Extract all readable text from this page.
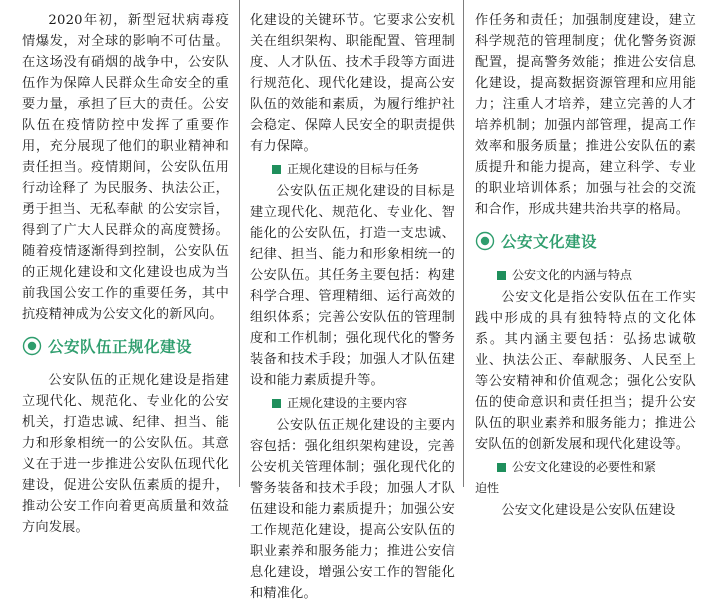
2020年初，新型冠状病毒疫情爆发，对全球的影响不可估量。在这场没有硝烟的战争中，公安队伍作为保障人民群众生命安全的重要力量，承担了巨大的责任。公安队伍在疫情防控中发挥了重要作用，充分展现了他们的职业精神和责任担当。疫情期间，公安队伍用行动诠释了 为民服务、执法公正，勇于担当、无私奉献 的公安宗旨，得到了广大人民群众的高度赞扬。随着疫情逐渐得到控制，公安队伍的正规化建设和文化建设也成为当前我国公安工作的重要任务，其中抗疫精神成为公安文化的新风向。

公安队伍正规化建设

公安队伍的正规化建设是指建立现代化、规范化、专业化的公安机关，打造忠诚、纪律、担当、能力和形象相统一的公安队伍。其意义在于进一步推进公安队伍现代化建设，促进公安队伍素质的提升，推动公安工作向着更高质量和效益方向发展。

化建设的关键环节。它要求公安机关在组织架构、职能配置、管理制度、人才队伍、技术手段等方面进行规范化、现代化建设，提高公安队伍的效能和素质，为履行维护社会稳定、保障人民安全的职责提供有力保障。

正规化建设的目标与任务

公安队伍正规化建设的目标是建立现代化、规范化、专业化、智能化的公安队伍，打造一支忠诚、纪律、担当、能力和形象相统一的公安队伍。其任务主要包括：构建科学合理、管理精细、运行高效的组织体系；完善公安队伍的管理制度和工作机制；强化现代化的警务装备和技术手段；加强人才队伍建设和能力素质提升等。

正规化建设的主要内容

公安队伍正规化建设的主要内容包括：强化组织架构建设，完善公安机关管理体制；强化现代化的警务装备和技术手段；加强人才队伍建设和能力素质提升；加强公安工作规范化建设，提高公安队伍的职业素养和服务能力；推进公安信息化建设，增强公安工作的智能化和精准化。

作任务和责任；加强制度建设，建立科学规范的管理制度；优化警务资源配置，提高警务效能；推进公安信息化建设，提高数据资源管理和应用能力；注重人才培养，建立完善的人才培养机制；加强内部管理，提高工作效率和服务质量；推进公安队伍的素质提升和能力提高，建立科学、专业的职业培训体系；加强与社会的交流和合作，形成共建共治共享的格局。

公安文化建设
公安文化的内涵与特点

公安文化是指公安队伍在工作实践中形成的具有独特特点的文化体系。其内涵主要包括：弘扬忠诚敬业、执法公正、奉献服务、人民至上等公安精神和价值观念；强化公安队伍的使命意识和责任担当；提升公安队伍的职业素养和服务能力；推进公安队伍的创新发展和现代化建设等。

公安文化建设的必要性和紧
迫性

公安文化建设是公安队伍建设
